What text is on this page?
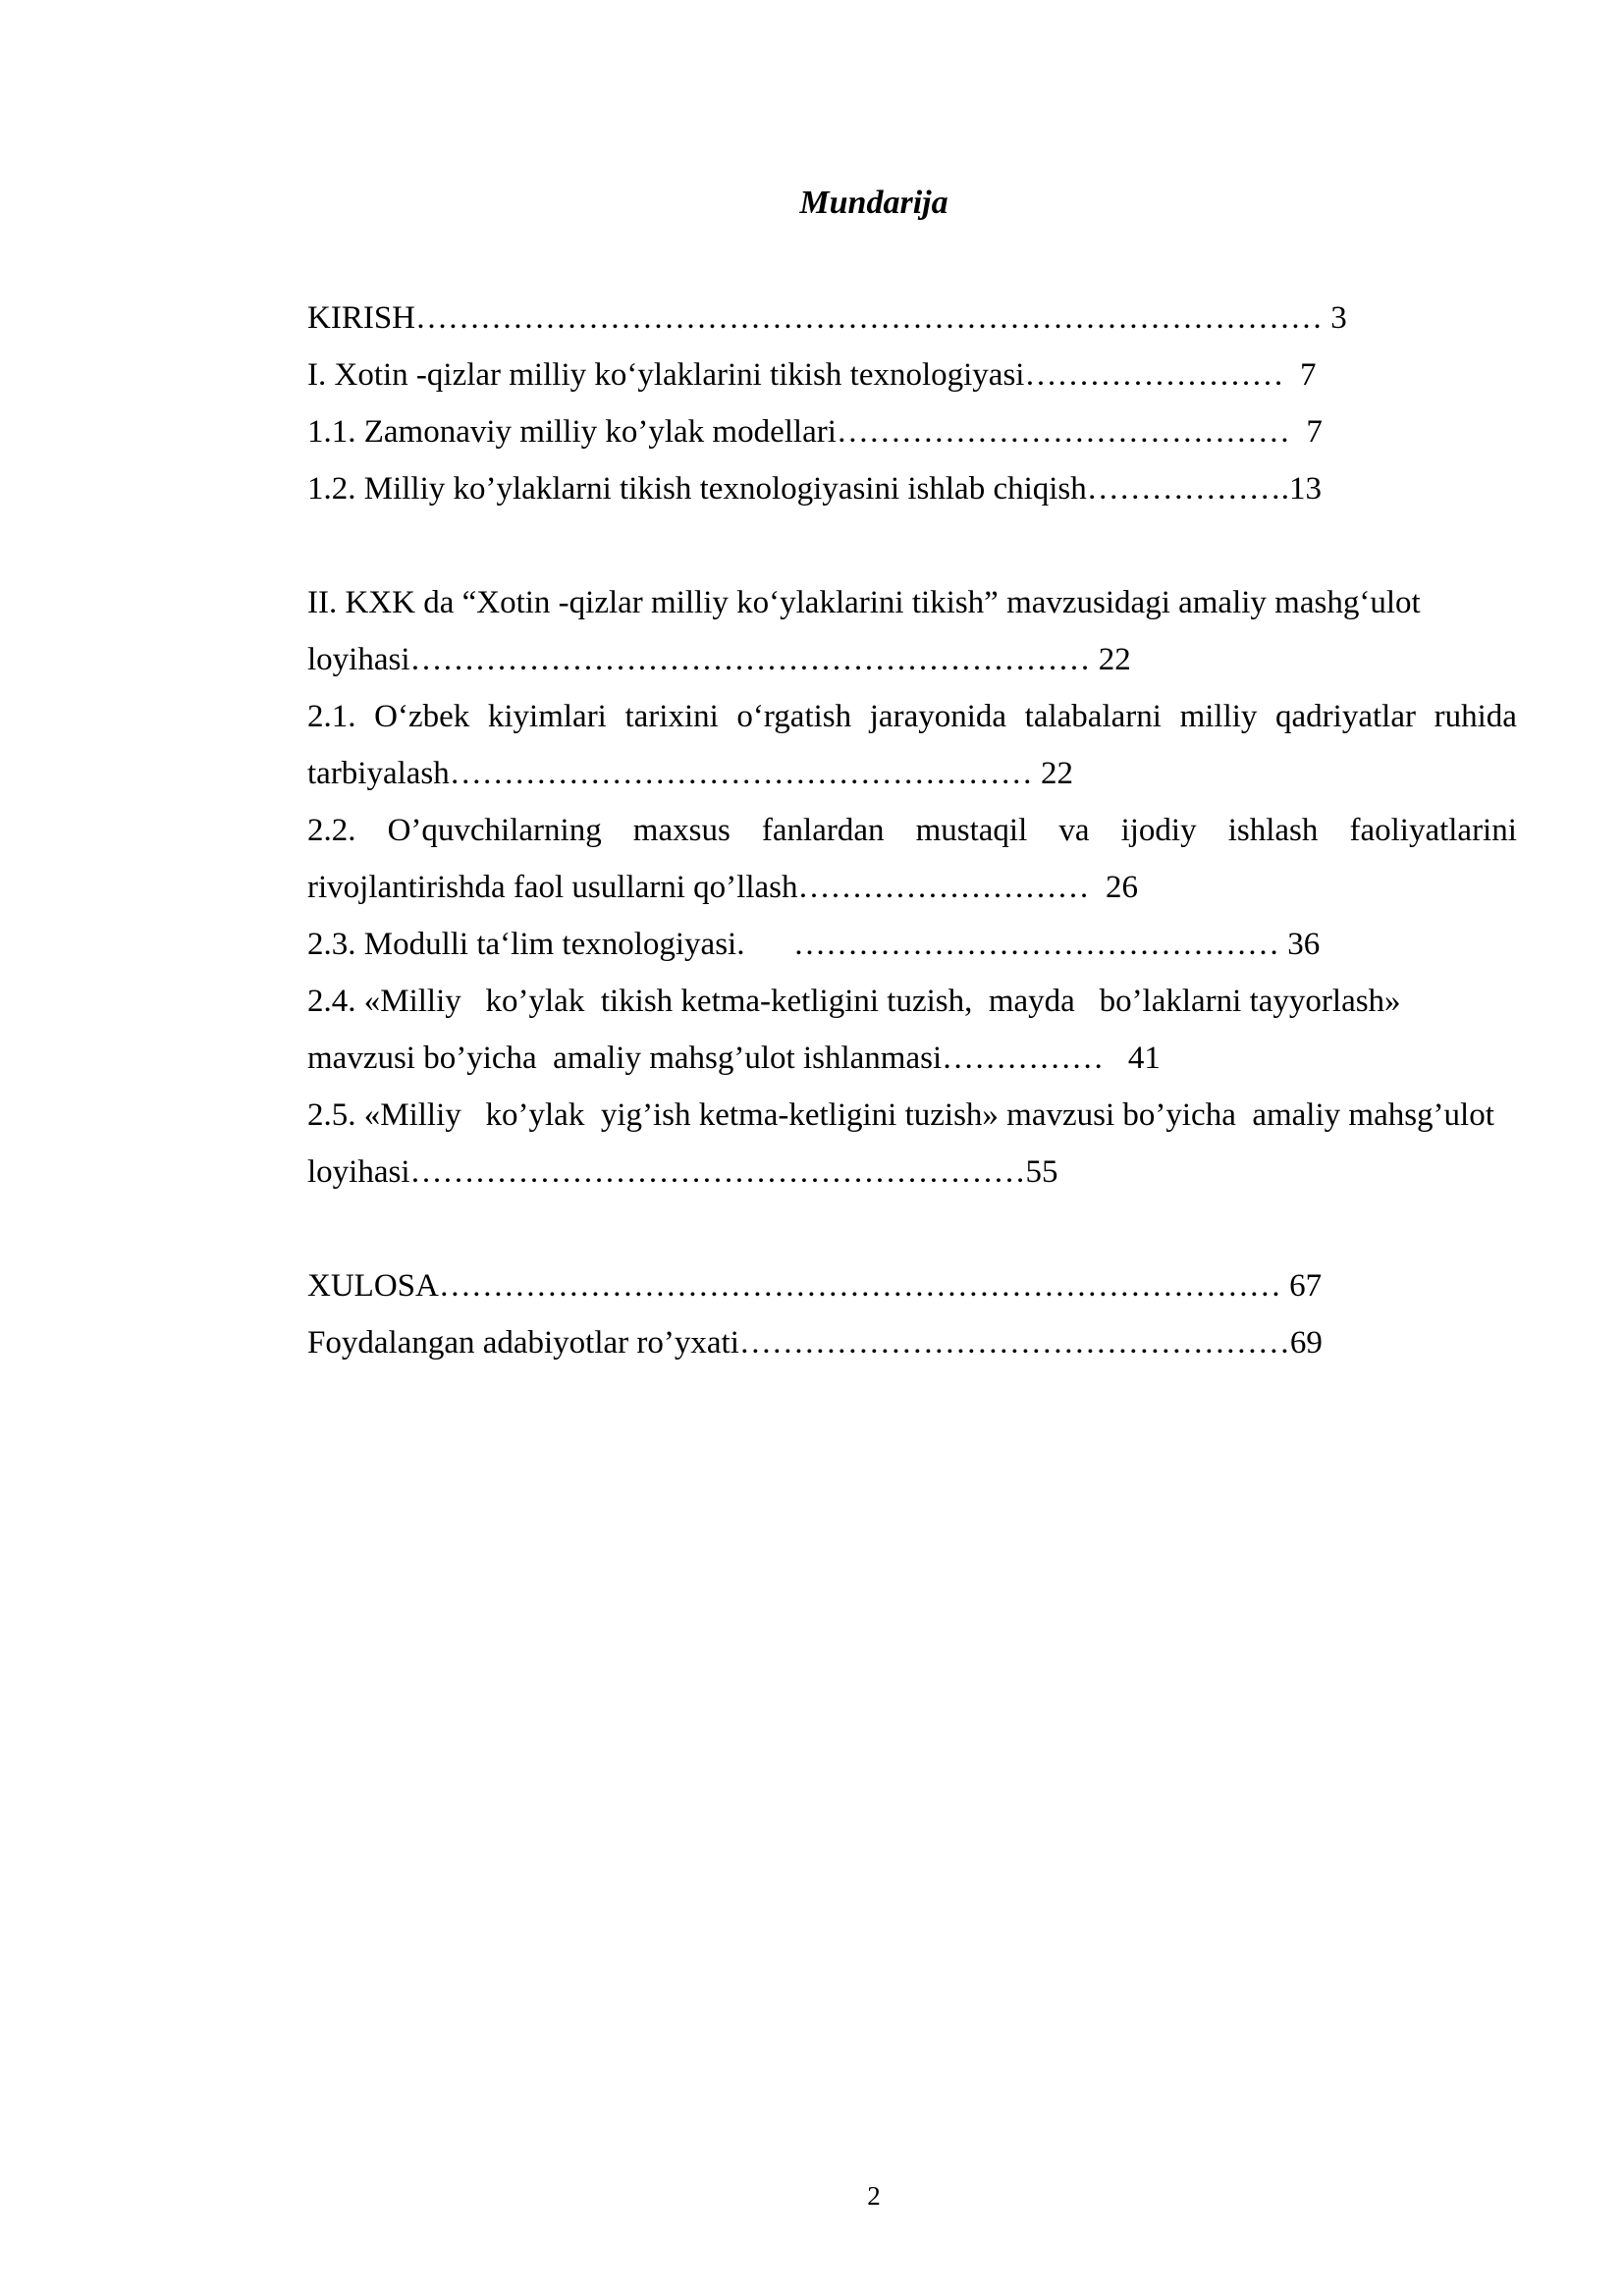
Mundarija
KIRISH………………………………………………………………………… 3
I. Xotin -qizlar milliy ko‘ylaklarini tikish texnologiyasi……………………  7
1.1. Zamonaviy milliy ko’ylak modellari……………………………………  7
1.2. Milliy ko’ylaklarni tikish texnologiyasini ishlab chiqish……………….13
II. KXK da “Xotin -qizlar milliy ko‘ylaklarini tikish” mavzusidagi amaliy mashg‘ulot
loyihasi……………………………………………………… 22
2.1. O‘zbek kiyimlari tarixini o‘rgatish jarayonida talabalarni milliy qadriyatlar ruhida
tarbiyalash……………………………………………… 22
2.2. O’quvchilarning maxsus fanlardan mustaqil va ijodiy ishlash faoliyatlarini
rivojlantirishda faol usullarni qo’llash………………………  26
2.3. Modulli ta‘lim texnologiyasi.      ……………………………………… 36
2.4. «Milliy   ko’ylak  tikish ketma-ketligini tuzish,  mayda   bo’laklarni tayyorlash»
mavzusi bo’yicha  amaliy mahsg’ulot ishlanmasi……………   41
2.5. «Milliy   ko’ylak  yig’ish ketma-ketligini tuzish» mavzusi bo’yicha  amaliy mahsg’ulot
loyihasi…………………………………………………55
XULOSA…………………………………………………………………… 67
Foydalangan adabiyotlar ro’yxati……………………………………………69
2
